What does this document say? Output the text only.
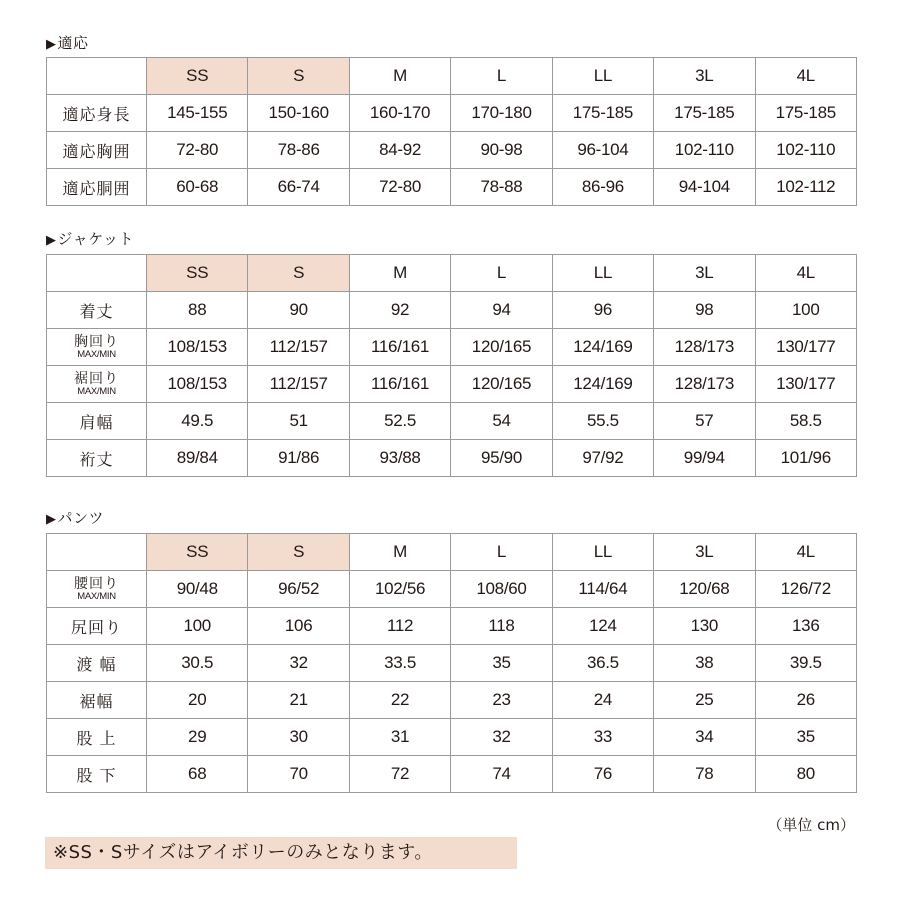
▶適応
	SS	S	M	L	LL	3L	4L
適応身長	145-155	150-160	160-170	170-180	175-185	175-185	175-185
適応胸囲	72-80	78-86	84-92	90-98	96-104	102-110	102-110
適応胴囲	60-68	66-74	72-80	78-88	86-96	94-104	102-112
▶ジャケット
	SS	S	M	L	LL	3L	4L
着丈	88	90	92	94	96	98	100

胸回り
MAX/MIN	108/153	112/157	116/161	120/165	124/169	128/173	130/177

裾回り
MAX/MIN	108/153	112/157	116/161	120/165	124/169	128/173	130/177
肩幅	49.5	51	52.5	54	55.5	57	58.5
裄丈	89/84	91/86	93/88	95/90	97/92	99/94	101/96
▶パンツ
	SS	S	M	L	LL	3L	4L

腰回り
MAX/MIN	90/48	96/52	102/56	108/60	114/64	120/68	126/72
尻回り	100	106	112	118	124	130	136
渡 幅	30.5	32	33.5	35	36.5	38	39.5
裾幅	20	21	22	23	24	25	26
股 上	29	30	31	32	33	34	35
股 下	68	70	72	74	76	78	80
（単位 cm）
※SS・Sサイズはアイボリーのみとなります。
